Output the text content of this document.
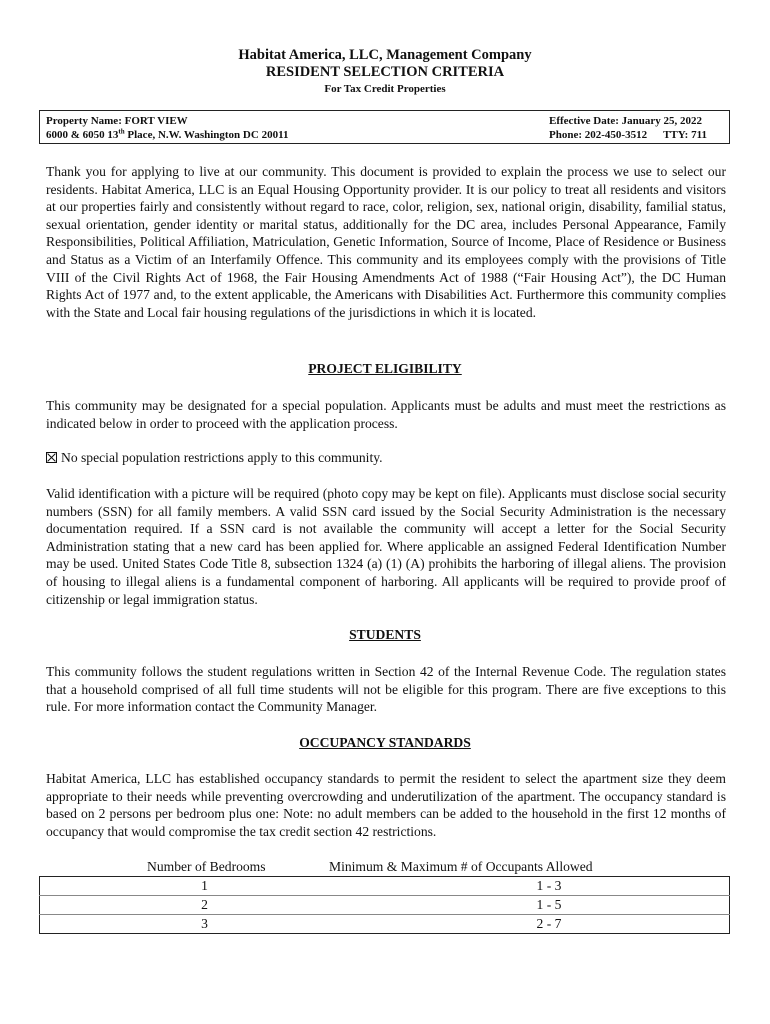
Habitat America, LLC, Management Company
RESIDENT SELECTION CRITERIA
For Tax Credit Properties
Property Name: FORT VIEW
6000 & 6050 13th Place, N.W. Washington DC 20011
Effective Date: January 25, 2022
Phone: 202-450-3512 TTY: 711
Thank you for applying to live at our community. This document is provided to explain the process we use to select our residents. Habitat America, LLC is an Equal Housing Opportunity provider. It is our policy to treat all residents and visitors at our properties fairly and consistently without regard to race, color, religion, sex, national origin, disability, familial status, sexual orientation, gender identity or marital status, additionally for the DC area, includes Personal Appearance, Family Responsibilities, Political Affiliation, Matriculation, Genetic Information, Source of Income, Place of Residence or Business and Status as a Victim of an Interfamily Offence. This community and its employees comply with the provisions of Title VIII of the Civil Rights Act of 1968, the Fair Housing Amendments Act of 1988 (“Fair Housing Act”), the DC Human Rights Act of 1977 and, to the extent applicable, the Americans with Disabilities Act. Furthermore this community complies with the State and Local fair housing regulations of the jurisdictions in which it is located.
PROJECT ELIGIBILITY
This community may be designated for a special population. Applicants must be adults and must meet the restrictions as indicated below in order to proceed with the application process.
No special population restrictions apply to this community.
Valid identification with a picture will be required (photo copy may be kept on file). Applicants must disclose social security numbers (SSN) for all family members. A valid SSN card issued by the Social Security Administration is the necessary documentation required. If a SSN card is not available the community will accept a letter for the Social Security Administration stating that a new card has been applied for. Where applicable an assigned Federal Identification Number may be used. United States Code Title 8, subsection 1324 (a) (1) (A) prohibits the harboring of illegal aliens. The provision of housing to illegal aliens is a fundamental component of harboring. All applicants will be required to provide proof of citizenship or legal immigration status.
STUDENTS
This community follows the student regulations written in Section 42 of the Internal Revenue Code. The regulation states that a household comprised of all full time students will not be eligible for this program. There are five exceptions to this rule. For more information contact the Community Manager.
OCCUPANCY STANDARDS
Habitat America, LLC has established occupancy standards to permit the resident to select the apartment size they deem appropriate to their needs while preventing overcrowding and underutilization of the apartment. The occupancy standard is based on 2 persons per bedroom plus one: Note: no adult members can be added to the household in the first 12 months of occupancy that would compromise the tax credit section 42 restrictions.
Number of Bedrooms	Minimum & Maximum # of Occupants Allowed
1	1 - 3
2	1 - 5
3	2 - 7
